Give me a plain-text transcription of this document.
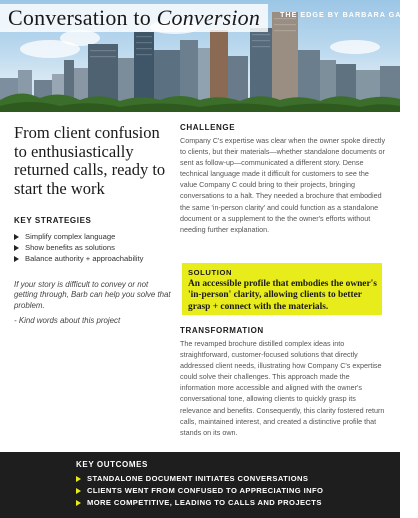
Conversation to Conversion	THE EDGE BY BARBARA GATES
From client confusion to enthusiastically returned calls, ready to start the work
KEY STRATEGIES
Simplify complex language
Show benefits as solutions
Balance authority + approachability
If your story is difficult to convey or not getting through, Barb can help you solve that problem.
- Kind words about this project
CHALLENGE
Company C's expertise was clear when the owner spoke directly to clients, but their materials—whether standalone documents or sent as follow-up—communicated a different story. Dense technical language made it difficult for customers to see the value Company C could bring to their projects, bringing conversations to a halt. They needed a brochure that embodied the same 'in-person clarity' and could function as a standalone document or a supplement to the the owner's efforts without needing further explanation.
SOLUTION
An accessible profile that embodies the owner's 'in-person' clarity, allowing clients to better grasp + connect with the materials.
TRANSFORMATION
The revamped brochure distilled complex ideas into straightforward, customer-focused solutions that directly addressed client needs, illustrating how Company C's expertise could solve their challenges. This approach made the information more accessible and aligned with the owner's conversational tone, allowing clients to quickly grasp its relevance and benefits. Consequently, this clarity fostered return calls, maintained interest, and created a distinctive profile that stands on its own.
KEY OUTCOMES
STANDALONE DOCUMENT INITIATES CONVERSATIONS
CLIENTS WENT FROM CONFUSED TO APPRECIATING INFO
MORE COMPETITIVE, LEADING TO CALLS AND PROJECTS
